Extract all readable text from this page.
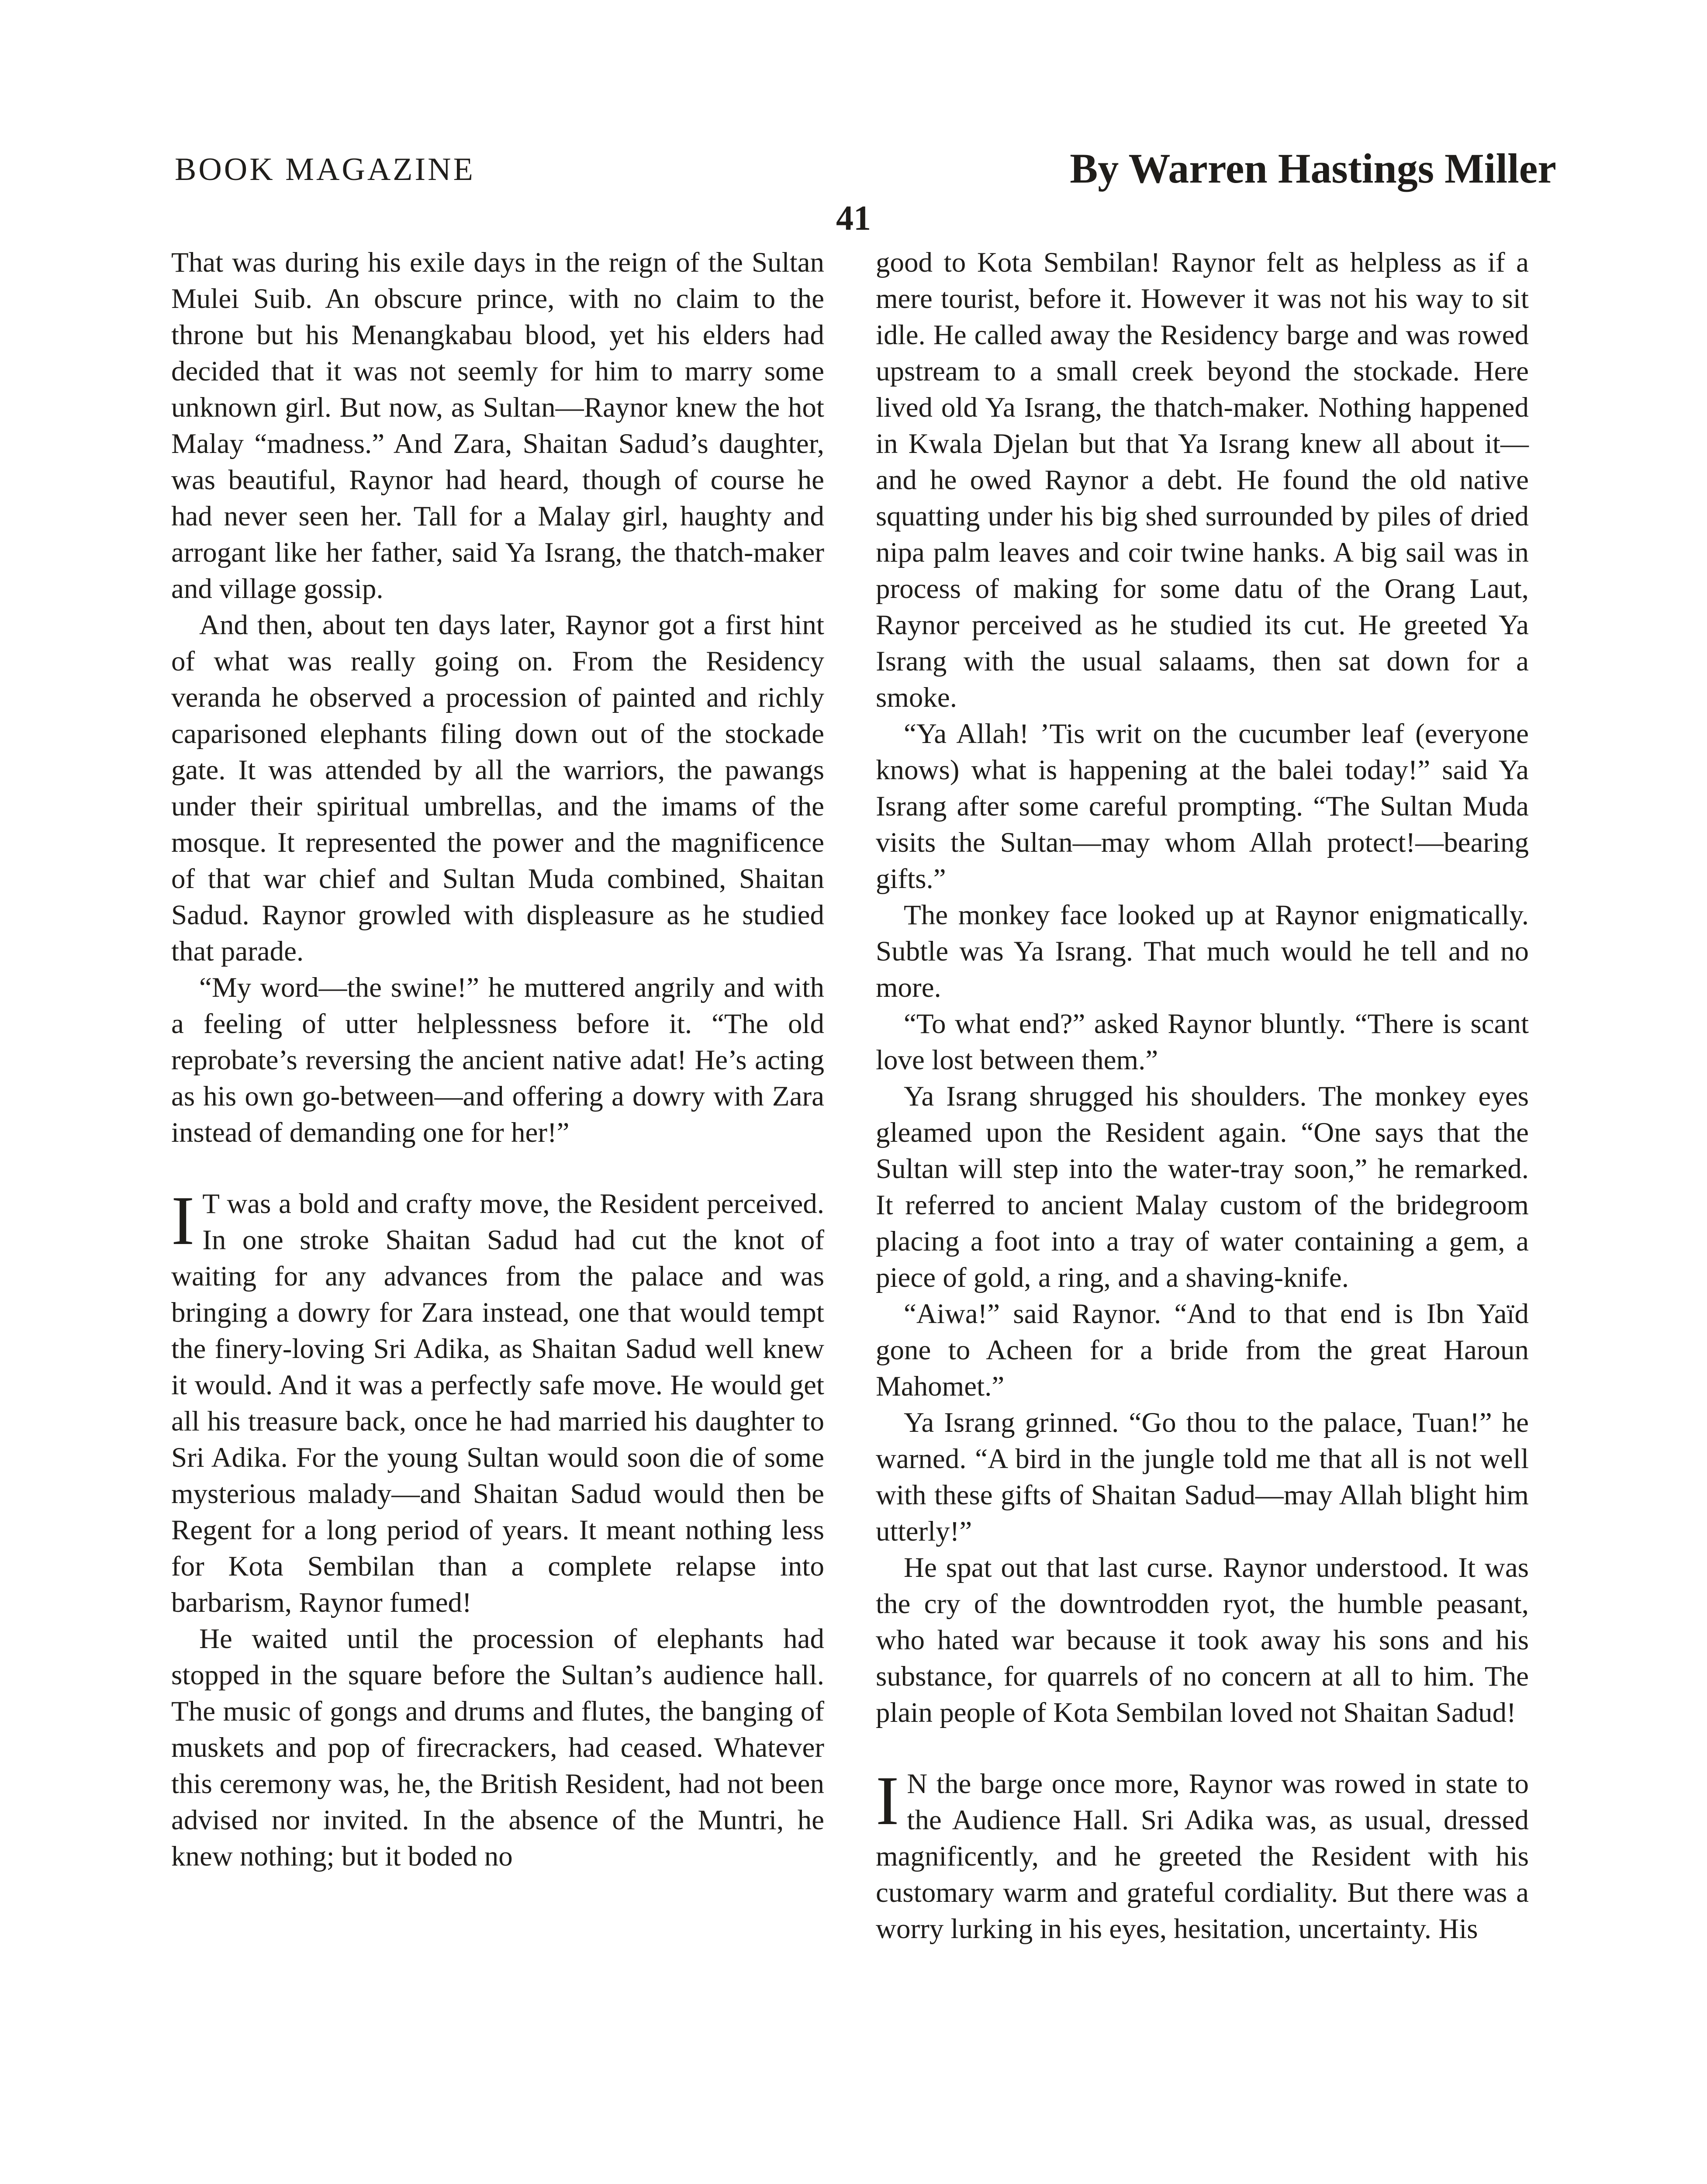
BOOK MAGAZINE	By Warren Hastings Miller
41

That was during his exile days in the reign of the Sultan Mulei Suib. An obscure prince, with no claim to the throne but his Menangkabau blood, yet his elders had decided that it was not seemly for him to marry some unknown girl. But now, as Sultan—Raynor knew the hot Malay “madness.” And Zara, Shaitan Sadud’s daughter, was beautiful, Raynor had heard, though of course he had never seen her. Tall for a Malay girl, haughty and arrogant like her father, said Ya Israng, the thatch-maker and village gossip.

And then, about ten days later, Raynor got a first hint of what was really going on. From the Residency veranda he observed a procession of painted and richly caparisoned elephants filing down out of the stockade gate. It was attended by all the warriors, the pawangs under their spiritual umbrellas, and the imams of the mosque. It represented the power and the magnificence of that war chief and Sultan Muda combined, Shaitan Sadud. Raynor growled with displeasure as he studied that parade.

“My word—the swine!” he muttered angrily and with a feeling of utter helplessness before it. “The old reprobate’s reversing the ancient native adat! He’s acting as his own go-between—and offering a dowry with Zara instead of demanding one for her!”

I T was a bold and crafty move, the Resident perceived. In one stroke Shaitan Sadud had cut the knot of waiting for any advances from the palace and was bringing a dowry for Zara instead, one that would tempt the finery-loving Sri Adika, as Shaitan Sadud well knew it would. And it was a perfectly safe move. He would get all his treasure back, once he had married his daughter to Sri Adika. For the young Sultan would soon die of some mysterious malady—and Shaitan Sadud would then be Regent for a long period of years. It meant nothing less for Kota Sembilan than a complete relapse into barbarism, Raynor fumed!

He waited until the procession of elephants had stopped in the square before the Sultan’s audience hall. The music of gongs and drums and flutes, the banging of muskets and pop of firecrackers, had ceased. Whatever this ceremony was, he, the British Resident, had not been advised nor invited. In the absence of the Muntri, he knew nothing; but it boded no

good to Kota Sembilan! Raynor felt as helpless as if a mere tourist, before it. However it was not his way to sit idle. He called away the Residency barge and was rowed upstream to a small creek beyond the stockade. Here lived old Ya Israng, the thatch-maker. Nothing happened in Kwala Djelan but that Ya Israng knew all about it—and he owed Raynor a debt. He found the old native squatting under his big shed surrounded by piles of dried nipa palm leaves and coir twine hanks. A big sail was in process of making for some datu of the Orang Laut, Raynor perceived as he studied its cut. He greeted Ya Israng with the usual salaams, then sat down for a smoke.

“Ya Allah! ’Tis writ on the cucumber leaf (everyone knows) what is happening at the balei today!” said Ya Israng after some careful prompting. “The Sultan Muda visits the Sultan—may whom Allah protect!—bearing gifts.”

The monkey face looked up at Raynor enigmatically. Subtle was Ya Israng. That much would he tell and no more.

“To what end?” asked Raynor bluntly. “There is scant love lost between them.”

Ya Israng shrugged his shoulders. The monkey eyes gleamed upon the Resident again. “One says that the Sultan will step into the water-tray soon,” he remarked. It referred to ancient Malay custom of the bridegroom placing a foot into a tray of water containing a gem, a piece of gold, a ring, and a shaving-knife.

“Aiwa!” said Raynor. “And to that end is Ibn Yaïd gone to Acheen for a bride from the great Haroun Mahomet.”

Ya Israng grinned. “Go thou to the palace, Tuan!” he warned. “A bird in the jungle told me that all is not well with these gifts of Shaitan Sadud—may Allah blight him utterly!”

He spat out that last curse. Raynor understood. It was the cry of the downtrodden ryot, the humble peasant, who hated war because it took away his sons and his substance, for quarrels of no concern at all to him. The plain people of Kota Sembilan loved not Shaitan Sadud!

I N the barge once more, Raynor was rowed in state to the Audience Hall. Sri Adika was, as usual, dressed magnificently, and he greeted the Resident with his customary warm and grateful cordiality. But there was a worry lurking in his eyes, hesitation, uncertainty. His
